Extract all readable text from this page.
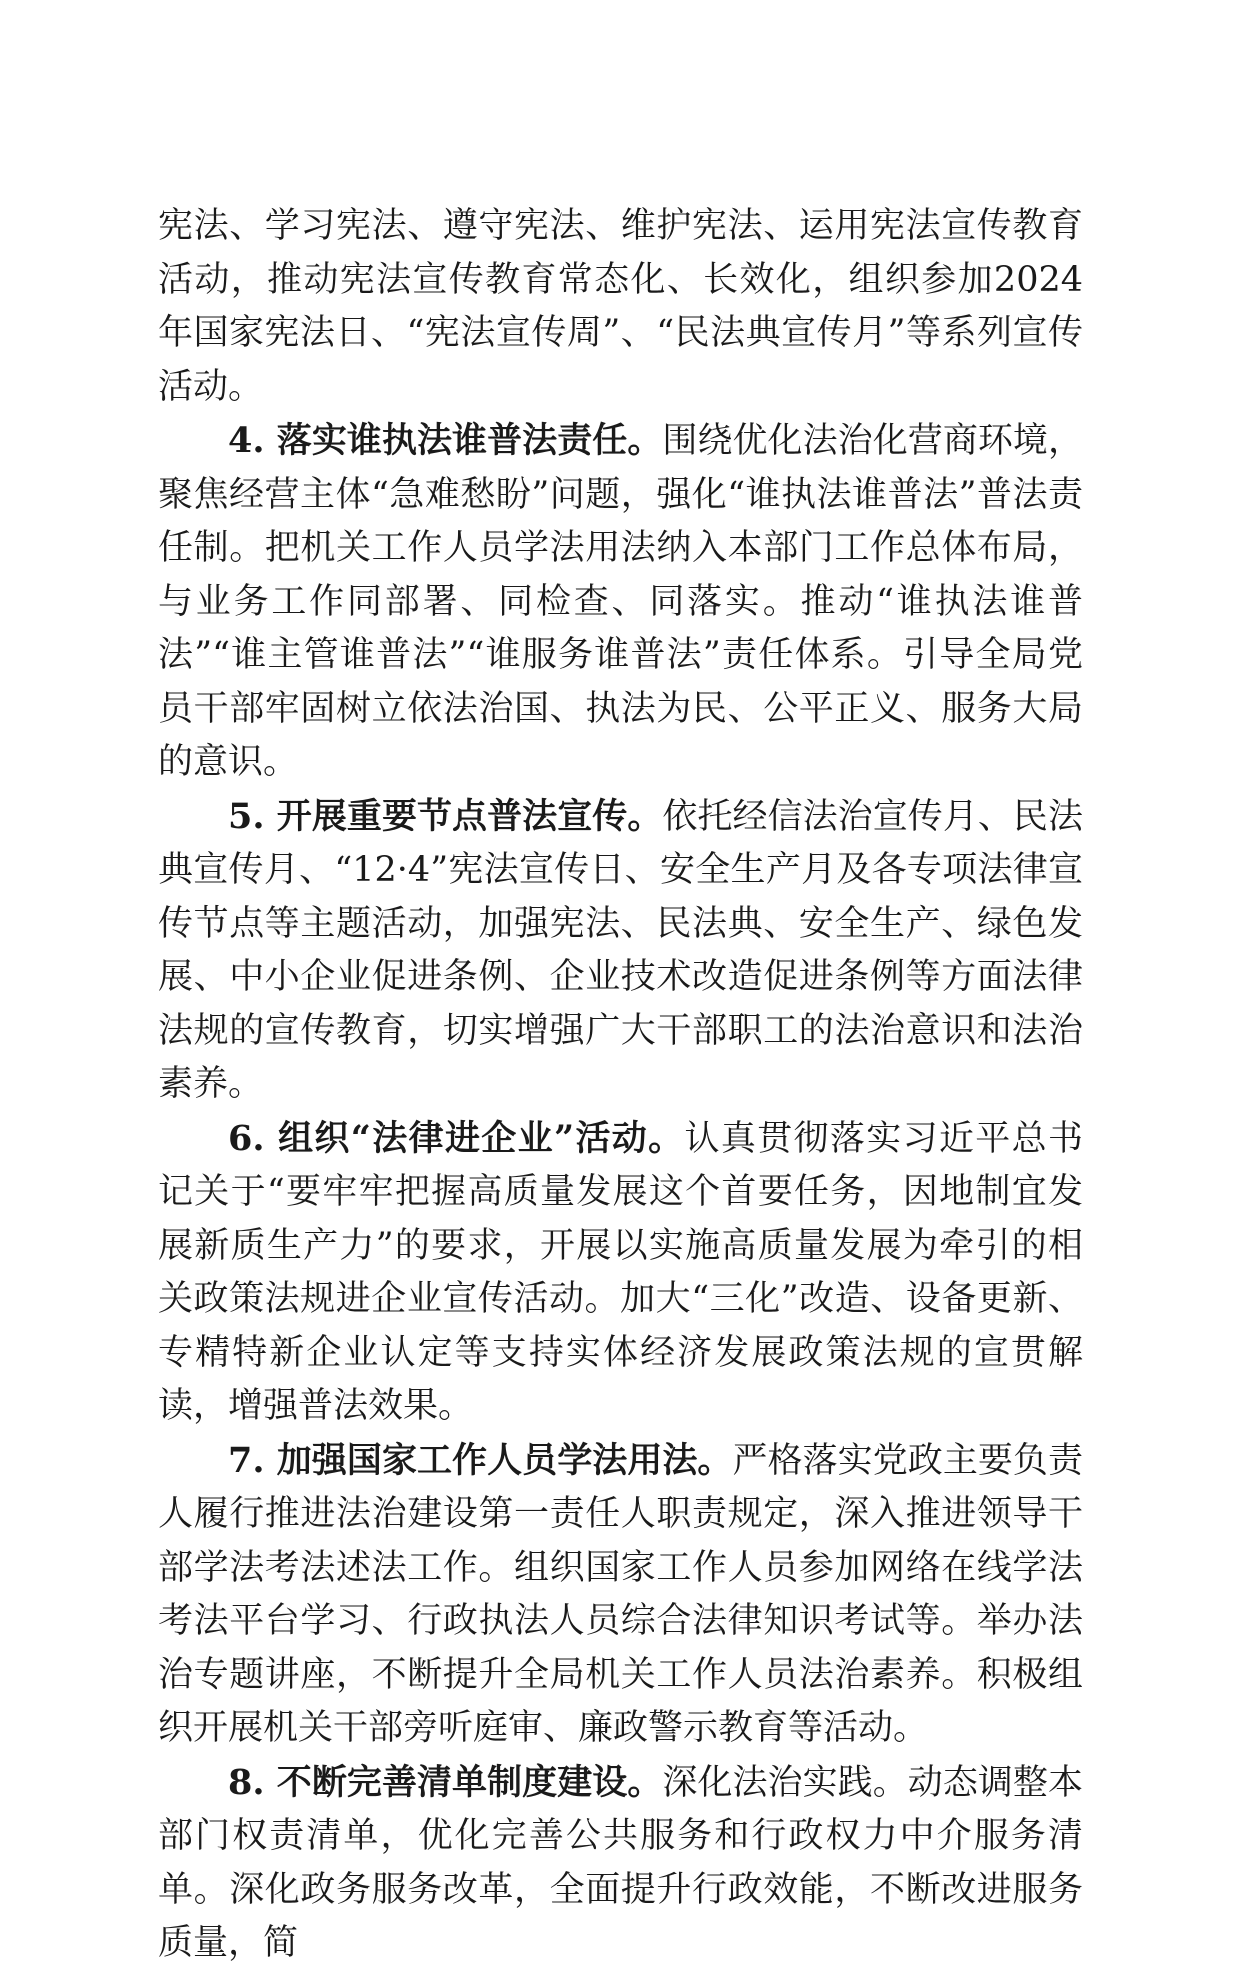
宪法、学习宪法、遵守宪法、维护宪法、运用宪法宣传教育活动，推动宪法宣传教育常态化、长效化，组织参加2024年国家宪法日、“宪法宣传周”、“民法典宣传月”等系列宣传活动。

4. 落实谁执法谁普法责任。围绕优化法治化营商环境，聚焦经营主体“急难愁盼”问题，强化“谁执法谁普法”普法责任制。把机关工作人员学法用法纳入本部门工作总体布局，与业务工作同部署、同检查、同落实。推动“谁执法谁普法”“谁主管谁普法”“谁服务谁普法”责任体系。引导全局党员干部牢固树立依法治国、执法为民、公平正义、服务大局的意识。

5. 开展重要节点普法宣传。依托经信法治宣传月、民法典宣传月、“12·4”宪法宣传日、安全生产月及各专项法律宣传节点等主题活动，加强宪法、民法典、安全生产、绿色发展、中小企业促进条例、企业技术改造促进条例等方面法律法规的宣传教育，切实增强广大干部职工的法治意识和法治素养。

6. 组织“法律进企业”活动。认真贯彻落实习近平总书记关于“要牢牢把握高质量发展这个首要任务，因地制宜发展新质生产力”的要求，开展以实施高质量发展为牵引的相关政策法规进企业宣传活动。加大“三化”改造、设备更新、专精特新企业认定等支持实体经济发展政策法规的宣贯解读，增强普法效果。

7. 加强国家工作人员学法用法。严格落实党政主要负责人履行推进法治建设第一责任人职责规定，深入推进领导干部学法考法述法工作。组织国家工作人员参加网络在线学法考法平台学习、行政执法人员综合法律知识考试等。举办法治专题讲座，不断提升全局机关工作人员法治素养。积极组织开展机关干部旁听庭审、廉政警示教育等活动。

8. 不断完善清单制度建设。深化法治实践。动态调整本部门权责清单，优化完善公共服务和行政权力中介服务清单。深化政务服务改革，全面提升行政效能，不断改进服务质量，简
